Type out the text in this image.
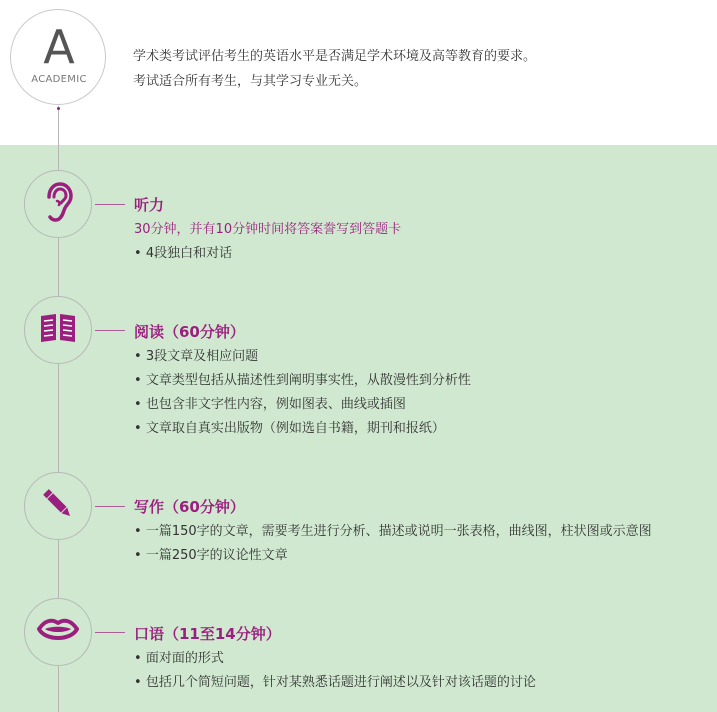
A
ACADEMIC
学术类考试评估考生的英语水平是否满足学术环境及高等教育的要求。
考试适合所有考生，与其学习专业无关。
听力
30分钟，并有10分钟时间将答案誊写到答题卡
• 4段独白和对话
阅读（60分钟）
• 3段文章及相应问题
• 文章类型包括从描述性到阐明事实性，从散漫性到分析性
• 也包含非文字性内容，例如图表、曲线或插图
• 文章取自真实出版物（例如选自书籍，期刊和报纸）
写作（60分钟）
• 一篇150字的文章，需要考生进行分析、描述或说明一张表格，曲线图，柱状图或示意图
• 一篇250字的议论性文章
口语（11至14分钟）
• 面对面的形式
• 包括几个简短问题，针对某熟悉话题进行阐述以及针对该话题的讨论
